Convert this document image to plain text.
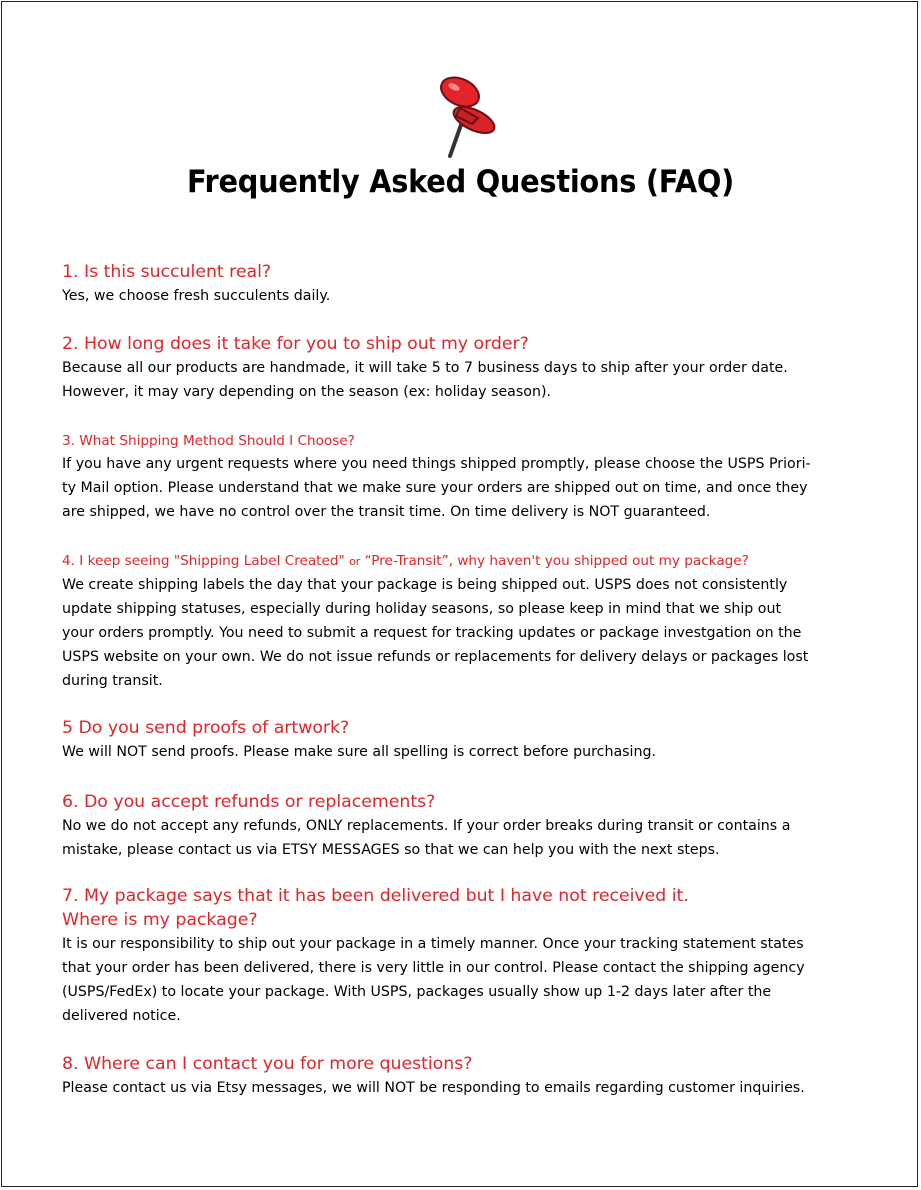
Frequently Asked Questions (FAQ)

1. Is this succulent real?

Yes, we choose fresh succulents daily.

2. How long does it take for you to ship out my order?

Because all our products are handmade, it will take 5 to 7 business days to ship after your order date.

However, it may vary depending on the season (ex: holiday season).

3. What Shipping Method Should I Choose?

If you have any urgent requests where you need things shipped promptly, please choose the USPS Priori-

ty Mail option. Please understand that we make sure your orders are shipped out on time, and once they

are shipped, we have no control over the transit time. On time delivery is NOT guaranteed.

4. I keep seeing "Shipping Label Created" or “Pre-Transit”, why haven't you shipped out my package?

We create shipping labels the day that your package is being shipped out. USPS does not consistently

update shipping statuses, especially during holiday seasons, so please keep in mind that we ship out

your orders promptly. You need to submit a request for tracking updates or package investgation on the

USPS website on your own. We do not issue refunds or replacements for delivery delays or packages lost

during transit.

5 Do you send proofs of artwork?

We will NOT send proofs. Please make sure all spelling is correct before purchasing.

6. Do you accept refunds or replacements?

No we do not accept any refunds, ONLY replacements. If your order breaks during transit or contains a

mistake, please contact us via ETSY MESSAGES so that we can help you with the next steps.

7. My package says that it has been delivered but I have not received it.

Where is my package?

It is our responsibility to ship out your package in a timely manner. Once your tracking statement states

that your order has been delivered, there is very little in our control. Please contact the shipping agency

(USPS/FedEx) to locate your package. With USPS, packages usually show up 1-2 days later after the

delivered notice.

8. Where can I contact you for more questions?

Please contact us via Etsy messages, we will NOT be responding to emails regarding customer inquiries.
